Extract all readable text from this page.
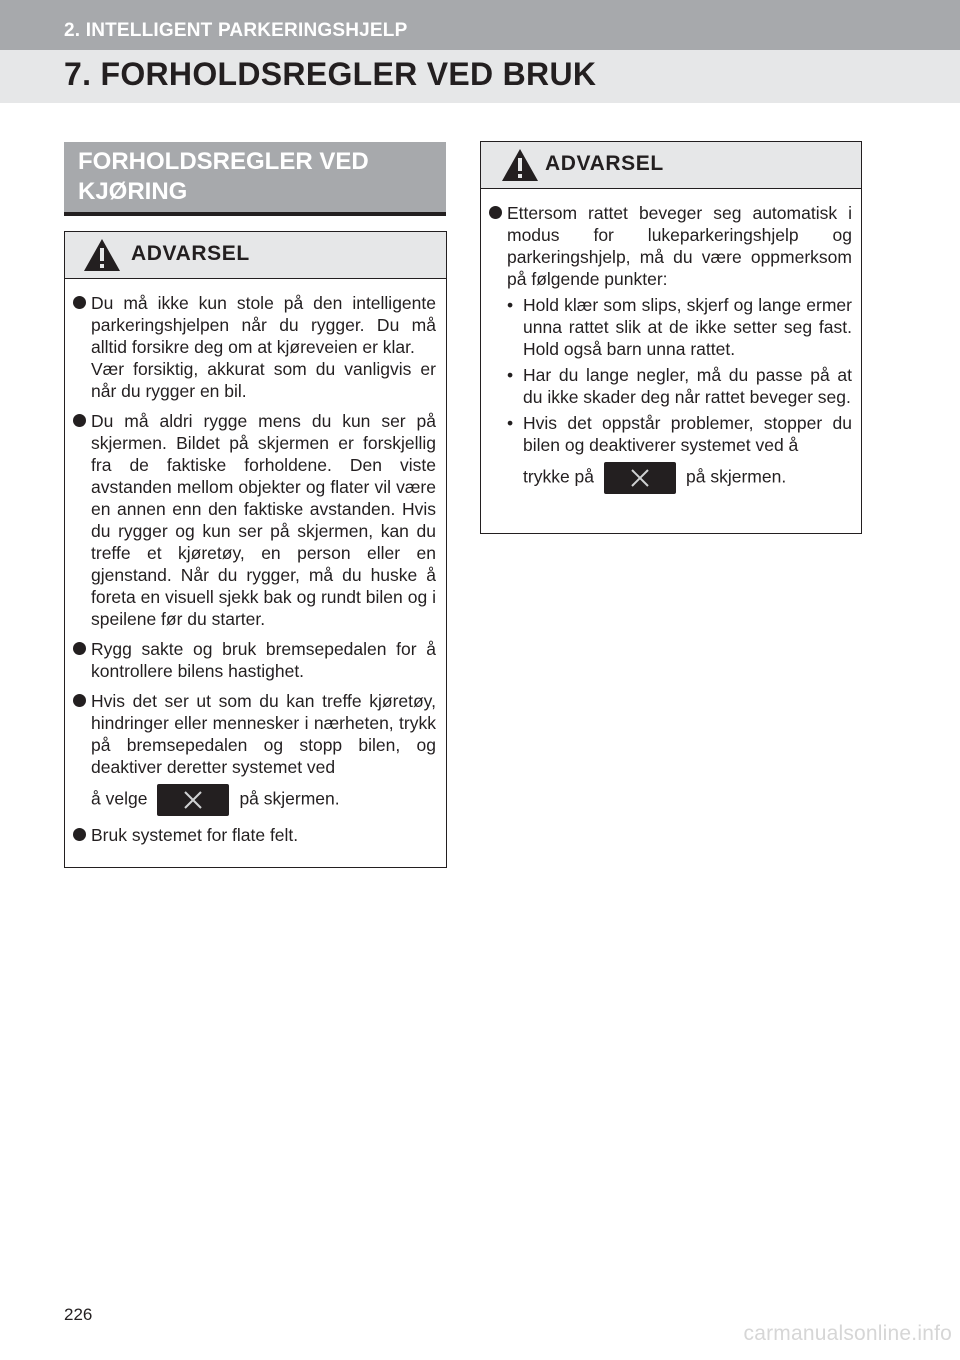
2. INTELLIGENT PARKERINGSHJELP
7. FORHOLDSREGLER VED BRUK
FORHOLDSREGLER VED KJØRING
ADVARSEL

Du må ikke kun stole på den intelligente parkeringshjelpen når du rygger. Du må alltid forsikre deg om at kjøreveien er klar.

Vær forsiktig, akkurat som du vanligvis er når du rygger en bil.

Du må aldri rygge mens du kun ser på skjermen. Bildet på skjermen er forskjellig fra de faktiske forholdene. Den viste avstanden mellom objekter og flater vil være en annen enn den faktiske avstanden. Hvis du rygger og kun ser på skjermen, kan du treffe et kjøretøy, en person eller en gjenstand. Når du rygger, må du huske å foreta en visuell sjekk bak og rundt bilen og i speilene før du starter.

Rygg sakte og bruk bremsepedalen for å kontrollere bilens hastighet.

Hvis det ser ut som du kan treffe kjøretøy, hindringer eller mennesker i nærheten, trykk på bremsepedalen og stopp bilen, og deaktiver deretter systemet ved

å velge	på skjermen.

Bruk systemet for flate felt.

ADVARSEL

Ettersom rattet beveger seg automatisk i modus for lukeparkeringshjelp og parkeringshjelp, må du være oppmerksom på følgende punkter:

• Hold klær som slips, skjerf og lange ermer unna rattet slik at de ikke setter seg fast. Hold også barn unna rattet.
• Har du lange negler, må du passe på at du ikke skader deg når rattet beveger seg.
• Hvis det oppstår problemer, stopper du bilen og deaktiverer systemet ved å
trykke på	på skjermen.
226
carmanualsonline.info
